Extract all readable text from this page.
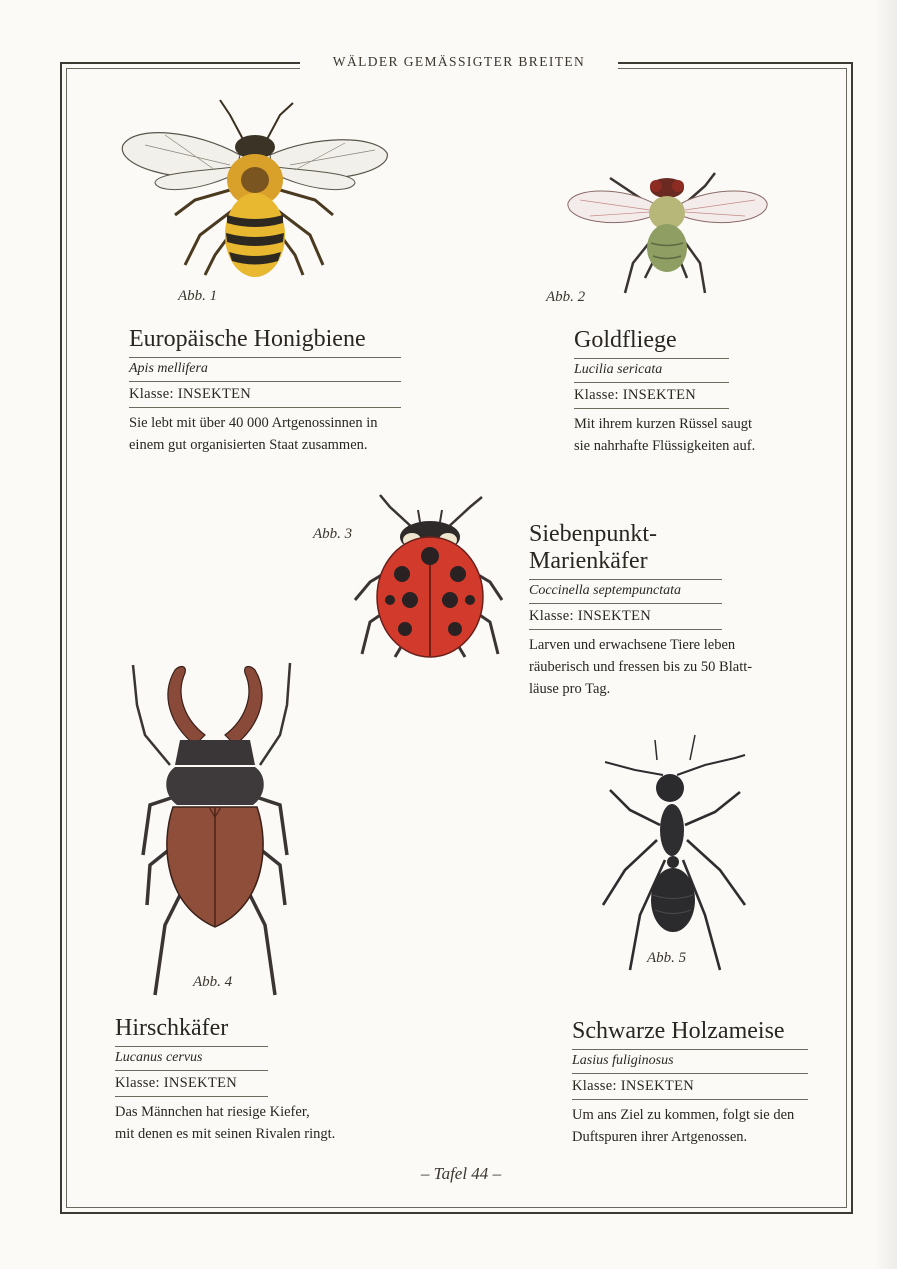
WÄLDER GEMÄSSIGTER BREITEN
Abb. 1
Europäische Honigbiene
Apis mellifera
Klasse: INSEKTEN
Sie lebt mit über 40 000 Artgenossinnen in
einem gut organisierten Staat zusammen.
Abb. 2
Goldfliege
Lucilia sericata
Klasse: INSEKTEN
Mit ihrem kurzen Rüssel saugt
sie nahrhafte Flüssigkeiten auf.
Abb. 3	Siebenpunkt-
Marienkäfer
Coccinella septempunctata
Klasse: INSEKTEN
Larven und erwachsene Tiere leben
räuberisch und fressen bis zu 50 Blatt-
läuse pro Tag.
Abb. 4
Hirschkäfer
Lucanus cervus
Klasse: INSEKTEN
Das Männchen hat riesige Kiefer,
mit denen es mit seinen Rivalen ringt.
Abb. 5
Schwarze Holzameise
Lasius fuliginosus
Klasse: INSEKTEN
Um ans Ziel zu kommen, folgt sie den
Duftspuren ihrer Artgenossen.
– Tafel 44 –
